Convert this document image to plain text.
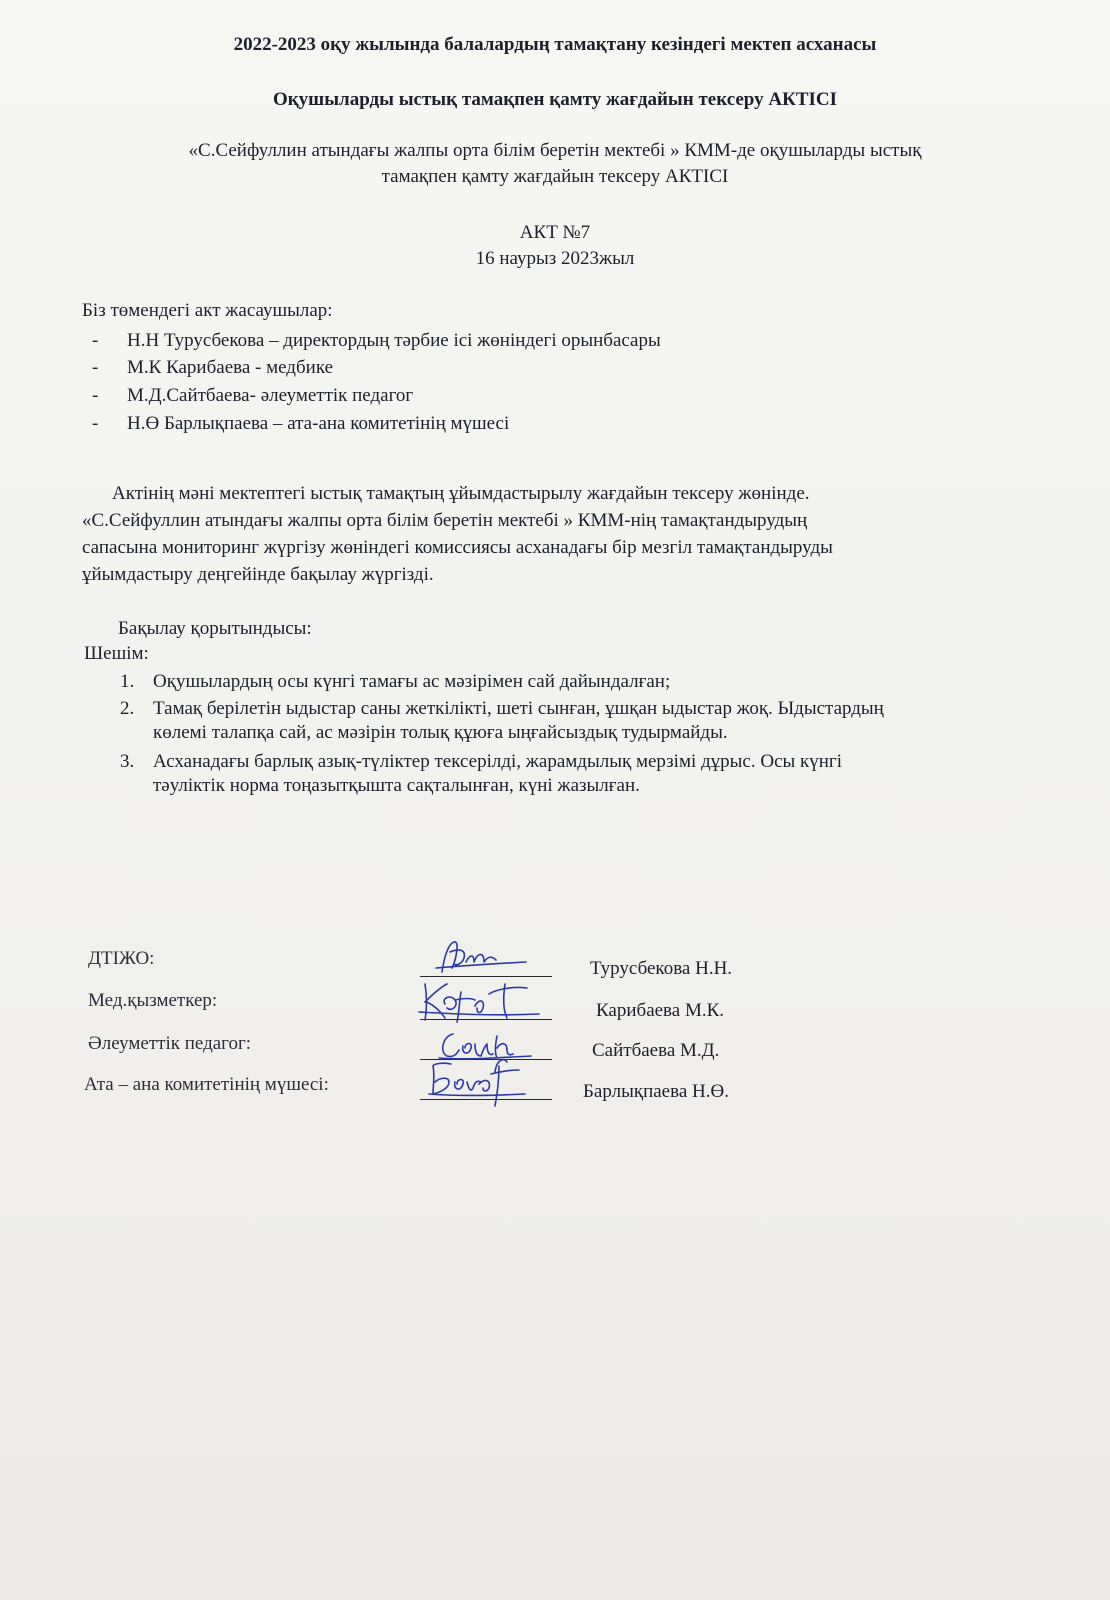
2022-2023 оқу жылында балалардың тамақтану кезіндегі мектеп асханасы
Оқушыларды ыстық тамақпен қамту жағдайын тексеру АКТІСІ
«С.Сейфуллин атындағы жалпы орта білім беретін мектебі » КММ-де оқушыларды ыстық
тамақпен қамту жағдайын тексеру АКТІСІ
АКТ №7
16 наурыз 2023жыл
Біз төмендегі акт жасаушылар:
- Н.Н Турусбекова – директордың тәрбие ісі жөніндегі орынбасары
- М.К Карибаева - медбике
- М.Д.Сайтбаева- әлеуметтік педагог
- Н.Ө Барлықпаева – ата-ана комитетінің мүшесі
Актінің мәні мектептегі ыстық тамақтың ұйымдастырылу жағдайын тексеру жөнінде.
«С.Сейфуллин атындағы жалпы орта білім беретін мектебі » КММ-нің тамақтандырудың
сапасына мониторинг жүргізу жөніндегі комиссиясы асханадағы бір мезгіл тамақтандыруды
ұйымдастыру деңгейінде бақылау жүргізді.
Бақылау қорытындысы:
Шешім:
1. Оқушылардың осы күнгі тамағы ас мәзірімен сай дайындалған;
2. Тамақ берілетін ыдыстар саны жеткілікті, шеті сынған, ұшқан ыдыстар жоқ. Ыдыстардың
көлемі талапқа сай, ас мәзірін толық құюға ыңғайсыздық тудырмайды.
3. Асханадағы барлық азық-түліктер тексерілді, жарамдылық мерзімі дұрыс. Осы күнгі
тәуліктік норма тоңазытқышта сақталынған, күні жазылған.
ДТІЖО:	Турусбекова Н.Н.
Мед.қызметкер:	Карибаева М.К.
Әлеуметтік педагог:	Сайтбаева М.Д.
Ата – ана комитетінің мүшесі:	Барлықпаева Н.Ө.
